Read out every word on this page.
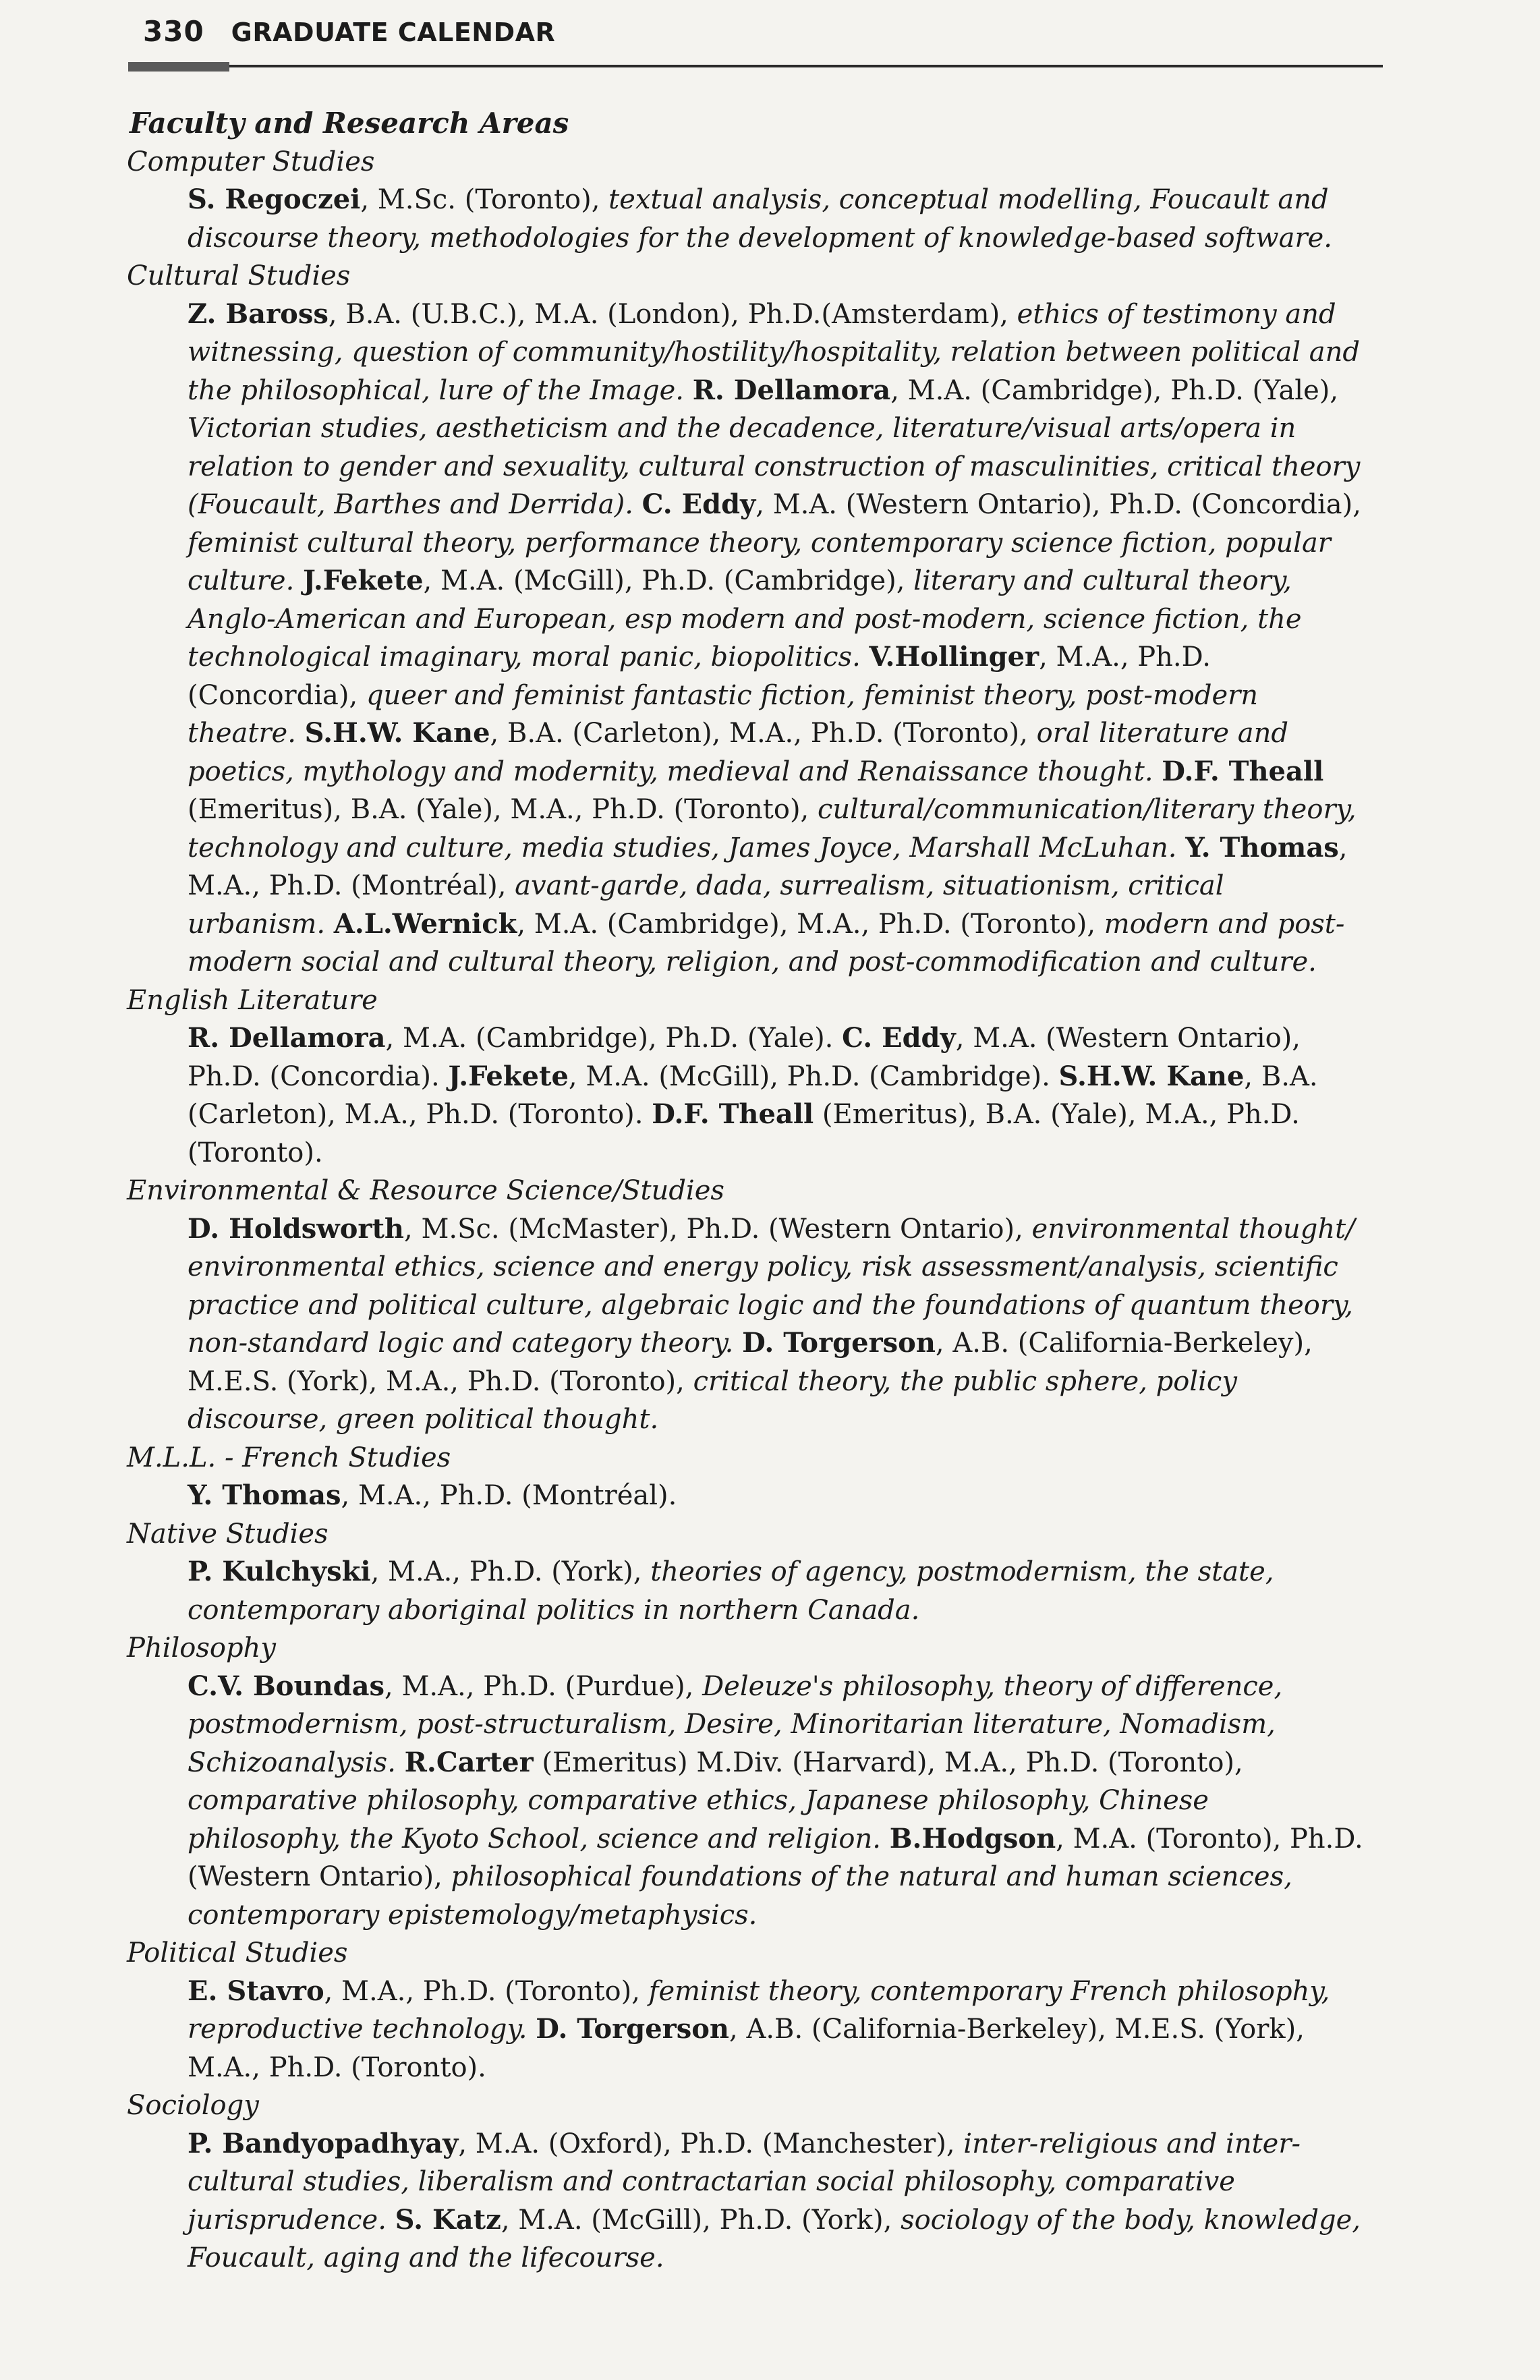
330 GRADUATE CALENDAR
Faculty and Research Areas
Computer Studies
S. Regoczei, M.Sc. (Toronto), textual analysis, conceptual modelling, Foucault and discourse theory, methodologies for the development of knowledge-based software.
Cultural Studies
Z. Baross, B.A. (U.B.C.), M.A. (London), Ph.D.(Amsterdam), ethics of testimony and witnessing, question of community/hostility/hospitality, relation between political and the philosophical, lure of the Image. R. Dellamora, M.A. (Cambridge), Ph.D. (Yale), Victorian studies, aestheticism and the decadence, literature/visual arts/opera in relation to gender and sexuality, cultural construction of masculinities, critical theory (Foucault, Barthes and Derrida). C. Eddy, M.A. (Western Ontario), Ph.D. (Concordia), feminist cultural theory, performance theory, contemporary science fiction, popular culture. J.Fekete, M.A. (McGill), Ph.D. (Cambridge), literary and cultural theory, Anglo-American and European, esp modern and post-modern, science fiction, the technological imaginary, moral panic, biopolitics. V.Hollinger, M.A., Ph.D. (Concordia), queer and feminist fantastic fiction, feminist theory, post-modern theatre. S.H.W. Kane, B.A. (Carleton), M.A., Ph.D. (Toronto), oral literature and poetics, mythology and modernity, medieval and Renaissance thought. D.F. Theall (Emeritus), B.A. (Yale), M.A., Ph.D. (Toronto), cultural/communication/literary theory, technology and culture, media studies, James Joyce, Marshall McLuhan. Y. Thomas, M.A., Ph.D. (Montréal), avant-garde, dada, surrealism, situationism, critical urbanism. A.L.Wernick, M.A. (Cambridge), M.A., Ph.D. (Toronto), modern and post-modern social and cultural theory, religion, and post-commodification and culture.
English Literature
R. Dellamora, M.A. (Cambridge), Ph.D. (Yale). C. Eddy, M.A. (Western Ontario), Ph.D. (Concordia). J.Fekete, M.A. (McGill), Ph.D. (Cambridge). S.H.W. Kane, B.A. (Carleton), M.A., Ph.D. (Toronto). D.F. Theall (Emeritus), B.A. (Yale), M.A., Ph.D. (Toronto).
Environmental & Resource Science/Studies
D. Holdsworth, M.Sc. (McMaster), Ph.D. (Western Ontario), environmental thought/ environmental ethics, science and energy policy, risk assessment/analysis, scientific practice and political culture, algebraic logic and the foundations of quantum theory, non-standard logic and category theory. D. Torgerson, A.B. (California-Berkeley), M.E.S. (York), M.A., Ph.D. (Toronto), critical theory, the public sphere, policy discourse, green political thought.
M.L.L. - French Studies
Y. Thomas, M.A., Ph.D. (Montréal).
Native Studies
P. Kulchyski, M.A., Ph.D. (York), theories of agency, postmodernism, the state, contemporary aboriginal politics in northern Canada.
Philosophy
C.V. Boundas, M.A., Ph.D. (Purdue), Deleuze's philosophy, theory of difference, postmodernism, post-structuralism, Desire, Minoritarian literature, Nomadism, Schizoanalysis. R.Carter (Emeritus) M.Div. (Harvard), M.A., Ph.D. (Toronto), comparative philosophy, comparative ethics, Japanese philosophy, Chinese philosophy, the Kyoto School, science and religion. B.Hodgson, M.A. (Toronto), Ph.D. (Western Ontario), philosophical foundations of the natural and human sciences, contemporary epistemology/metaphysics.
Political Studies
E. Stavro, M.A., Ph.D. (Toronto), feminist theory, contemporary French philosophy, reproductive technology. D. Torgerson, A.B. (California-Berkeley), M.E.S. (York), M.A., Ph.D. (Toronto).
Sociology
P. Bandyopadhyay, M.A. (Oxford), Ph.D. (Manchester), inter-religious and inter-cultural studies, liberalism and contractarian social philosophy, comparative jurisprudence. S. Katz, M.A. (McGill), Ph.D. (York), sociology of the body, knowledge, Foucault, aging and the lifecourse.
